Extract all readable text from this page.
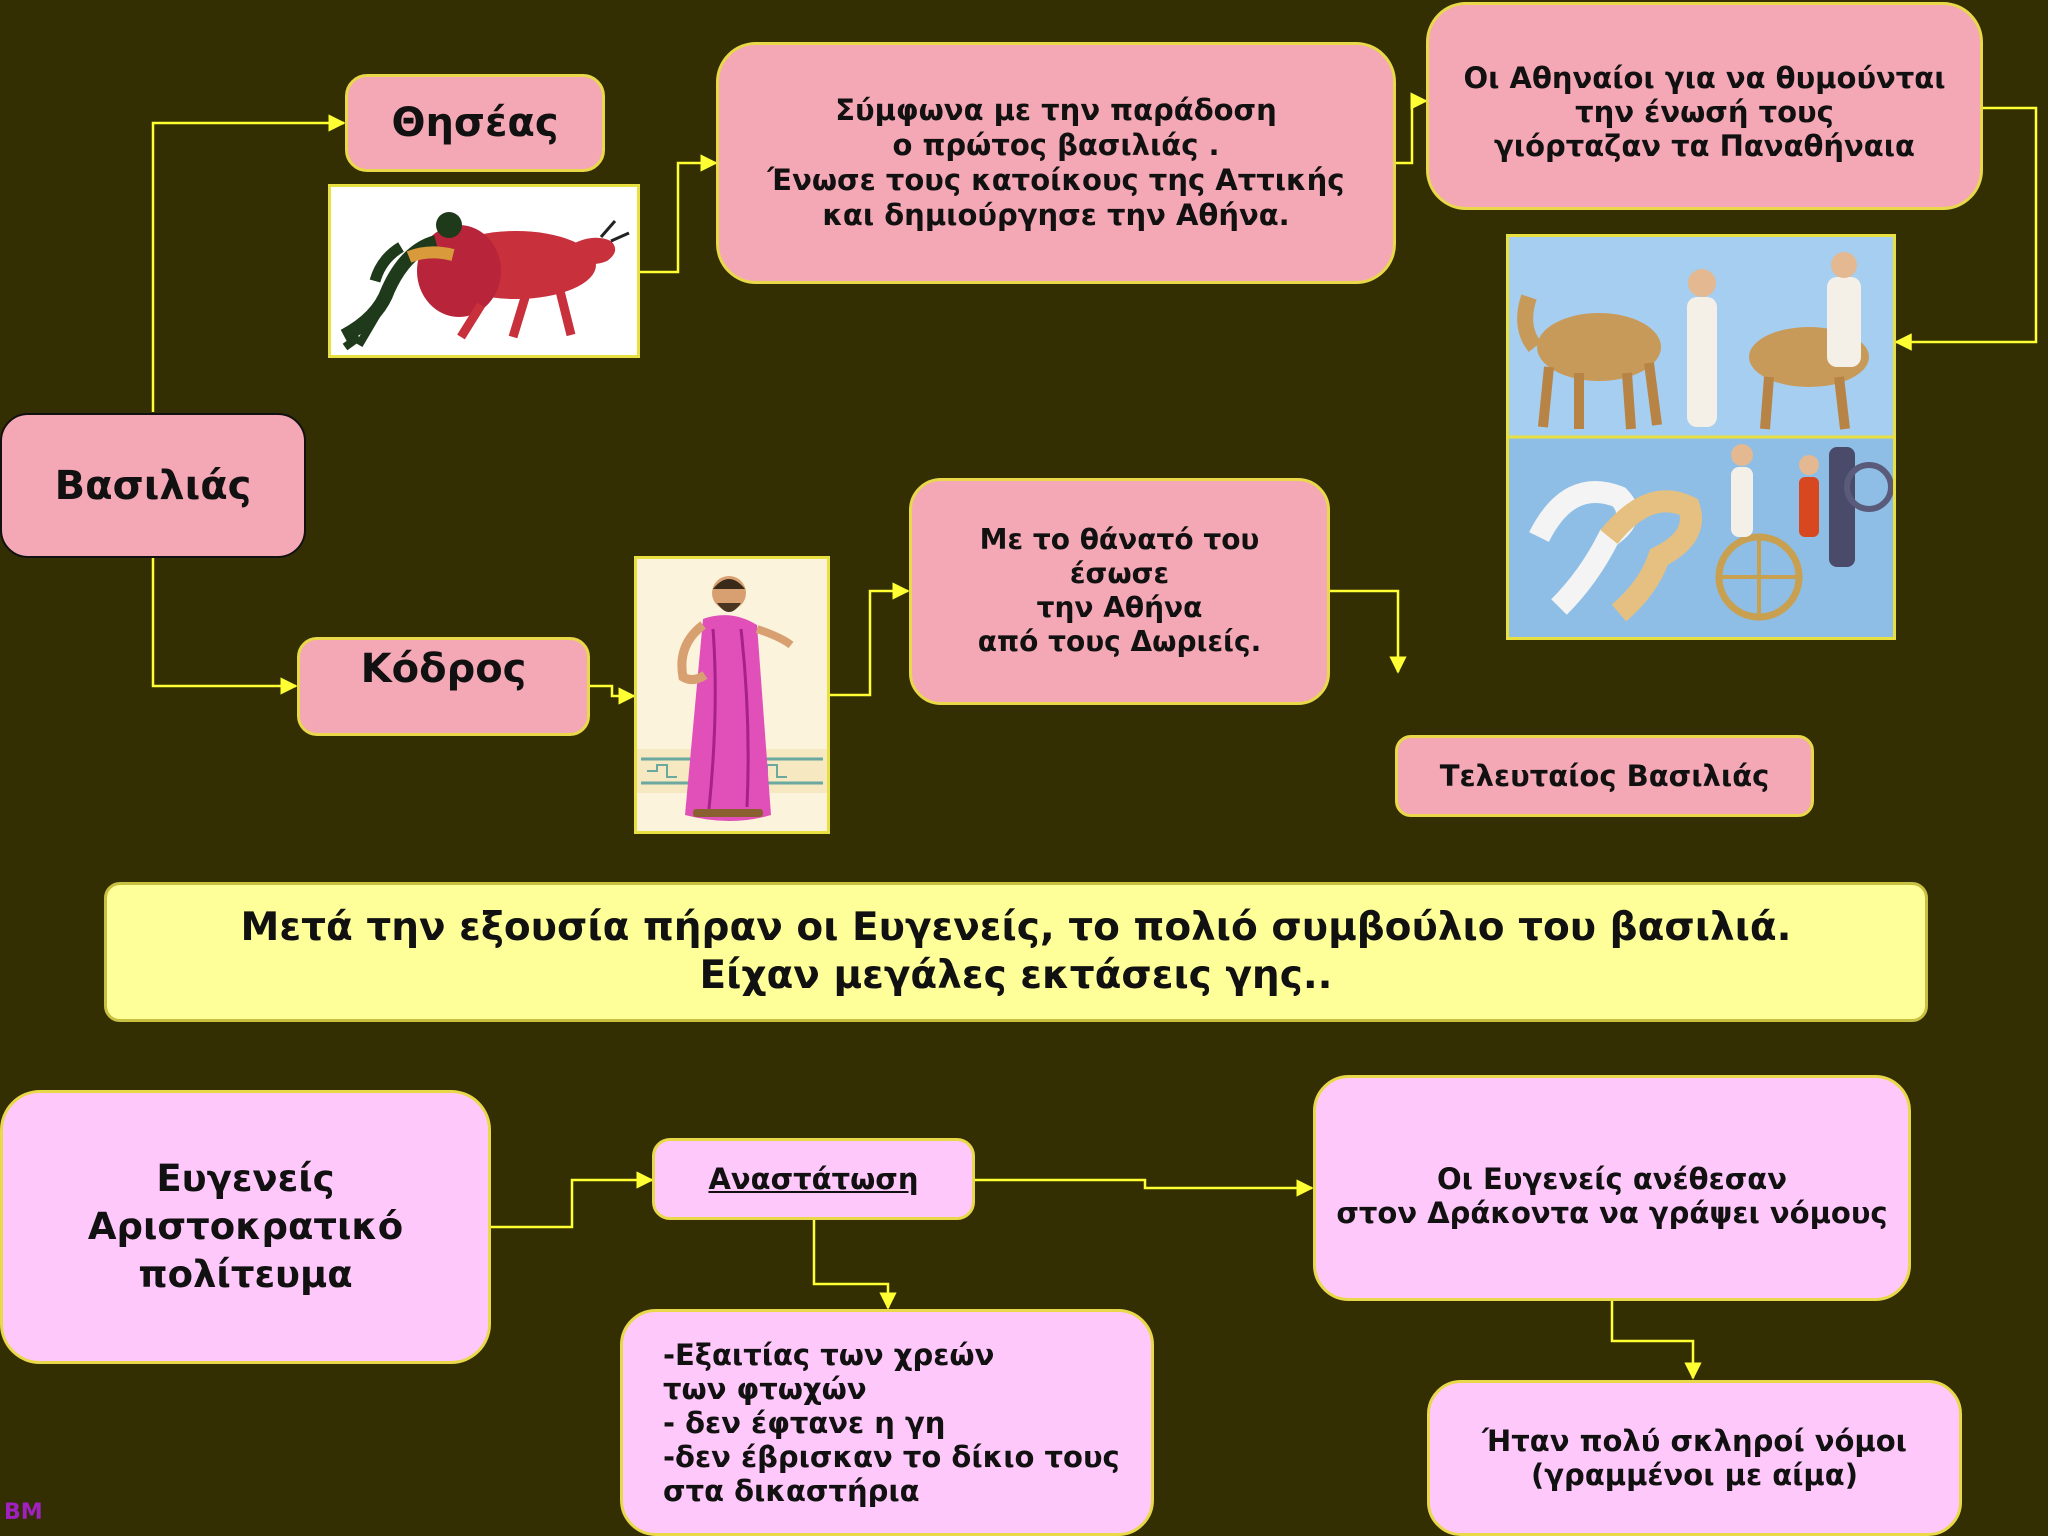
Βασιλιάς
Θησέας	Σύμφωνα με την παράδοση
ο πρώτος βασιλιάς .
Ένωσε τους κατοίκους της Αττικής
και δημιούργησε την Αθήνα.
Οι Αθηναίοι για να θυμούνται
την ένωσή τους
γιόρταζαν τα Παναθήναια
Κόδρος
Με το θάνατό του
έσωσε
την Αθήνα
από τους Δωριείς.
Τελευταίος Βασιλιάς
Μετά την εξουσία πήραν οι Ευγενείς, το πολιό συμβούλιο του βασιλιά.
Είχαν μεγάλες εκτάσεις γης..
Ευγενείς
Αριστοκρατικό
πολίτευμα
Αναστάτωση
-Εξαιτίας των χρεών
των φτωχών
- δεν έφτανε η γη
-δεν έβρισκαν το δίκιο τους
στα δικαστήρια
Οι Ευγενείς ανέθεσαν
στον Δράκοντα να γράψει νόμους
Ήταν πολύ σκληροί νόμοι
(γραμμένοι με αίμα)
ΒΜ
